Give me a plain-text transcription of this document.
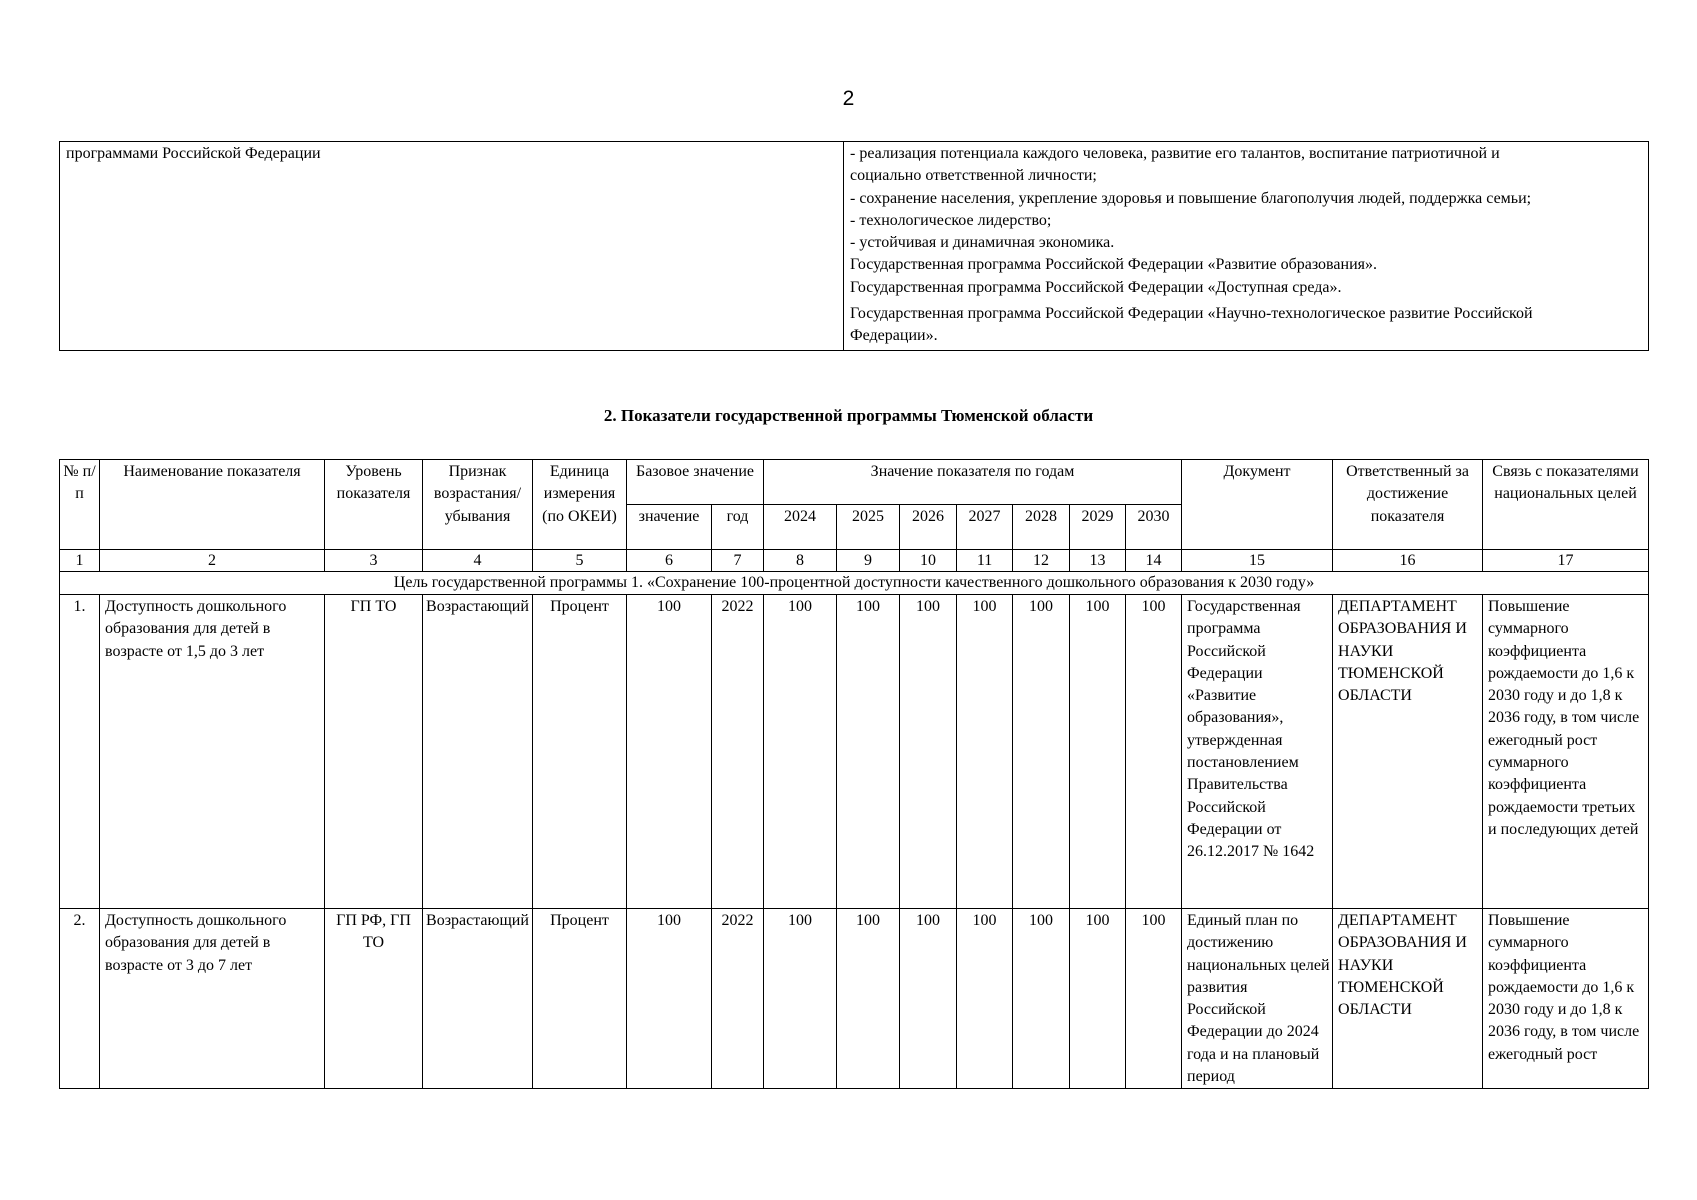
2
программами Российской Федерации	- реализация потенциала каждого человека, развитие его талантов, воспитание патриотичной и
социально ответственной личности;
- сохранение населения, укрепление здоровья и повышение благополучия людей, поддержка семьи;
- технологическое лидерство;
- устойчивая и динамичная экономика.
Государственная программа Российской Федерации «Развитие образования».
Государственная программа Российской Федерации «Доступная среда».
Государственная программа Российской Федерации «Научно-технологическое развитие Российской
Федерации».
2. Показатели государственной программы Тюменской области
№ п/п	Наименование показателя	Уровень показателя	Признак возрастания/ убывания	Единица измерения (по ОКЕИ)	Базовое значение		Значение показателя по годам							Документ	Ответственный за достижение показателя	Связь с показателями национальных целей
					значение	год	2024	2025	2026	2027	2028	2029	2030			
1	2	3	4	5	6	7	8	9	10	11	12	13	14	15	16	17
Цель государственной программы 1. «Сохранение 100-процентной доступности качественного дошкольного образования к 2030 году»																
1.	Доступность дошкольного образования для детей в возрасте от 1,5 до 3 лет	ГП ТО	Возрастающий	Процент	100	2022	100	100	100	100	100	100	100	Государственная программа Российской Федерации «Развитие образования», утвержденная постановлением Правительства Российской Федерации от 26.12.2017 № 1642	ДЕПАРТАМЕНТ ОБРАЗОВАНИЯ И НАУКИ ТЮМЕНСКОЙ ОБЛАСТИ	Повышение суммарного коэффициента рождаемости до 1,6 к 2030 году и до 1,8 к 2036 году, в том числе ежегодный рост суммарного коэффициента рождаемости третьих и последующих детей
2.	Доступность дошкольного образования для детей в возрасте от 3 до 7 лет	ГП РФ, ГП ТО	Возрастающий	Процент	100	2022	100	100	100	100	100	100	100	Единый план по достижению национальных целей развития Российской Федерации до 2024 года и на плановый период	ДЕПАРТАМЕНТ ОБРАЗОВАНИЯ И НАУКИ ТЮМЕНСКОЙ ОБЛАСТИ	Повышение суммарного коэффициента рождаемости до 1,6 к 2030 году и до 1,8 к 2036 году, в том числе ежегодный рост
